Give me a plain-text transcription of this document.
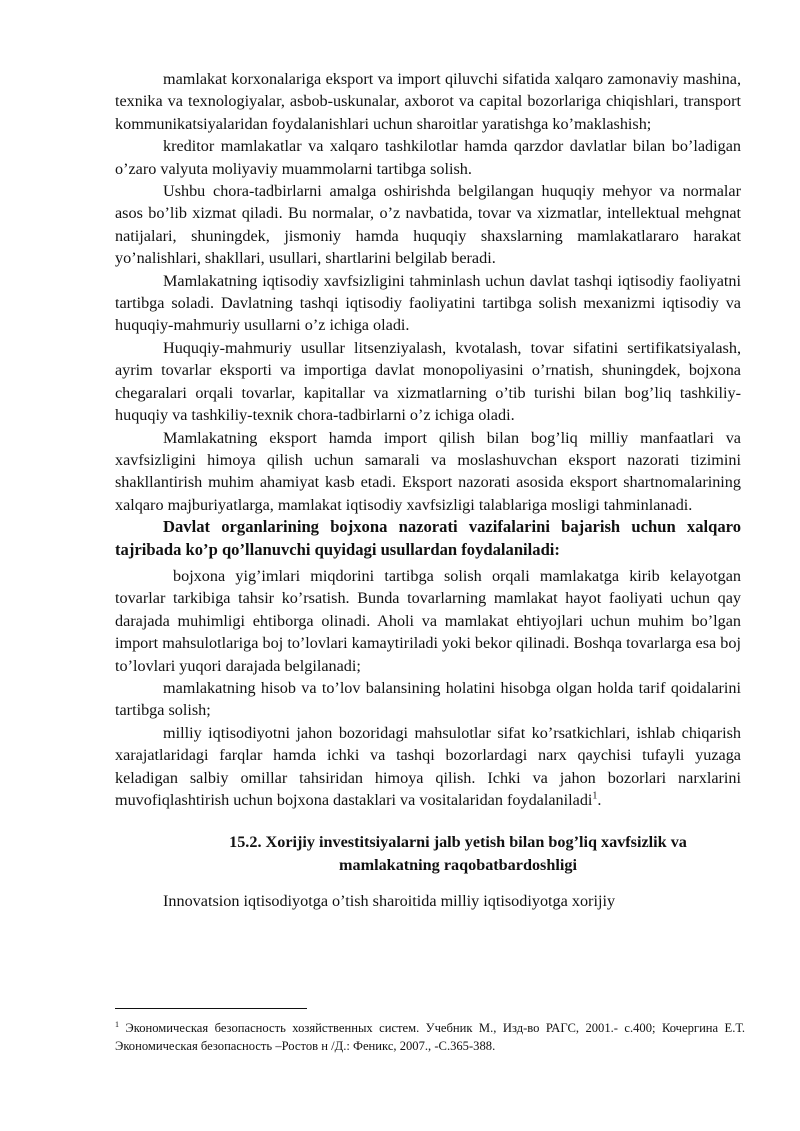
mamlakat korxonalariga eksport va import qiluvchi sifatida xalqaro zamonaviy mashina, texnika va texnologiyalar, asbob-uskunalar, axborot va capital bozorlariga chiqishlari, transport kommunikatsiyalaridan foydalanishlari uchun sharoitlar yaratishga ko’maklashish;

kreditor mamlakatlar va xalqaro tashkilotlar hamda qarzdor davlatlar bilan bo’ladigan o’zaro valyuta moliyaviy muammolarni tartibga solish.

Ushbu chora-tadbirlarni amalga oshirishda belgilangan huquqiy mehyor va normalar asos bo’lib xizmat qiladi. Bu normalar, o’z navbatida, tovar va xizmatlar, intellektual mehgnat natijalari, shuningdek, jismoniy hamda huquqiy shaxslarning mamlakatlararo harakat yo’nalishlari, shakllari, usullari, shartlarini belgilab beradi.

Mamlakatning iqtisodiy xavfsizligini tahminlash uchun davlat tashqi iqtisodiy faoliyatni tartibga soladi. Davlatning tashqi iqtisodiy faoliyatini tartibga solish mexanizmi iqtisodiy va huquqiy-mahmuriy usullarni o’z ichiga oladi.

Huquqiy-mahmuriy usullar litsenziyalash, kvotalash, tovar sifatini sertifikatsiyalash, ayrim tovarlar eksporti va importiga davlat monopoliyasini o’rnatish, shuningdek, bojxona chegaralari orqali tovarlar, kapitallar va xizmatlarning o’tib turishi bilan bog’liq tashkiliy-huquqiy va tashkiliy-texnik chora-tadbirlarni o’z ichiga oladi.

Mamlakatning eksport hamda import qilish bilan bog’liq milliy manfaatlari va xavfsizligini himoya qilish uchun samarali va moslashuvchan eksport nazorati tizimini shakllantirish muhim ahamiyat kasb etadi. Eksport nazorati asosida eksport shartnomalarining xalqaro majburiyatlarga, mamlakat iqtisodiy xavfsizligi talablariga mosligi tahminlanadi.

Davlat organlarining bojxona nazorati vazifalarini bajarish uchun xalqaro tajribada ko’p qo’llanuvchi quyidagi usullardan foydalaniladi:

bojxona yig’imlari miqdorini tartibga solish orqali mamlakatga kirib kelayotgan tovarlar tarkibiga tahsir ko’rsatish. Bunda tovarlarning mamlakat hayot faoliyati uchun qay darajada muhimligi ehtiborga olinadi. Aholi va mamlakat ehtiyojlari uchun muhim bo’lgan import mahsulotlariga boj to’lovlari kamaytiriladi yoki bekor qilinadi. Boshqa tovarlarga esa boj to’lovlari yuqori darajada belgilanadi;

mamlakatning hisob va to’lov balansining holatini hisobga olgan holda tarif qoidalarini tartibga solish;

milliy iqtisodiyotni jahon bozoridagi mahsulotlar sifat ko’rsatkichlari, ishlab chiqarish xarajatlaridagi farqlar hamda ichki va tashqi bozorlardagi narx qaychisi tufayli yuzaga keladigan salbiy omillar tahsiridan himoya qilish. Ichki va jahon bozorlari narxlarini muvofiqlashtirish uchun bojxona dastaklari va vositalaridan foydalaniladi$^1$.

15.2. Xorijiy investitsiyalarni jalb yetish bilan bog’liq xavfsizlik va
mamlakatning raqobatbardoshligi

Innovatsion iqtisodiyotga o’tish sharoitida milliy iqtisodiyotga xorijiy

$^1$ Экономическая безопасность хозяйственных систем. Учебник М., Изд-во РАГС, 2001.- с.400; Кочергина Е.Т. Экономическая безопасность –Ростов н /Д.: Феникс, 2007., -С.365-388.
